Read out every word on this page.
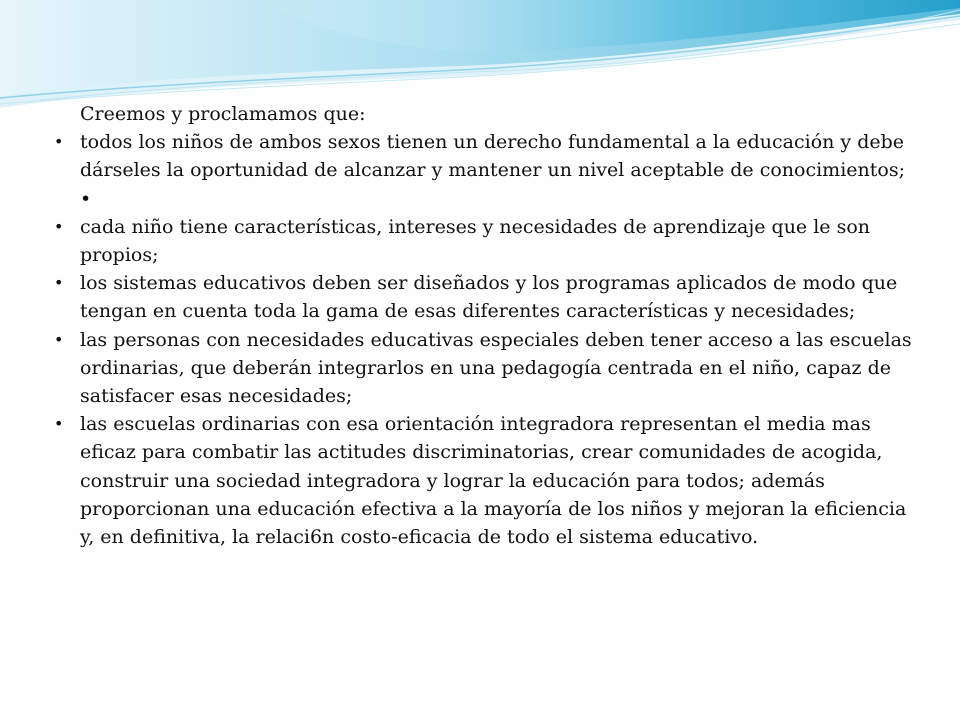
Creemos y proclamamos que:

• todos los niños de ambos sexos tienen un derecho fundamental a la educación y debe dárseles la oportunidad de alcanzar y mantener un nivel aceptable de conocimientos; •
• cada niño tiene características, intereses y necesidades de aprendizaje que le son propios;
• los sistemas educativos deben ser diseñados y los programas aplicados de modo que tengan en cuenta toda la gama de esas diferentes características y necesidades;
• las personas con necesidades educativas especiales deben tener acceso a las escuelas ordinarias, que deberán integrarlos en una pedagogía centrada en el niño, capaz de satisfacer esas necesidades;
• las escuelas ordinarias con esa orientación integradora representan el media mas eficaz para combatir las actitudes discriminatorias, crear comunidades de acogida, construir una sociedad integradora y lograr la educación para todos; además proporcionan una educación efectiva a la mayoría de los niños y mejoran la eficiencia y, en definitiva, la relaci6n costo-eficacia de todo el sistema educativo.
